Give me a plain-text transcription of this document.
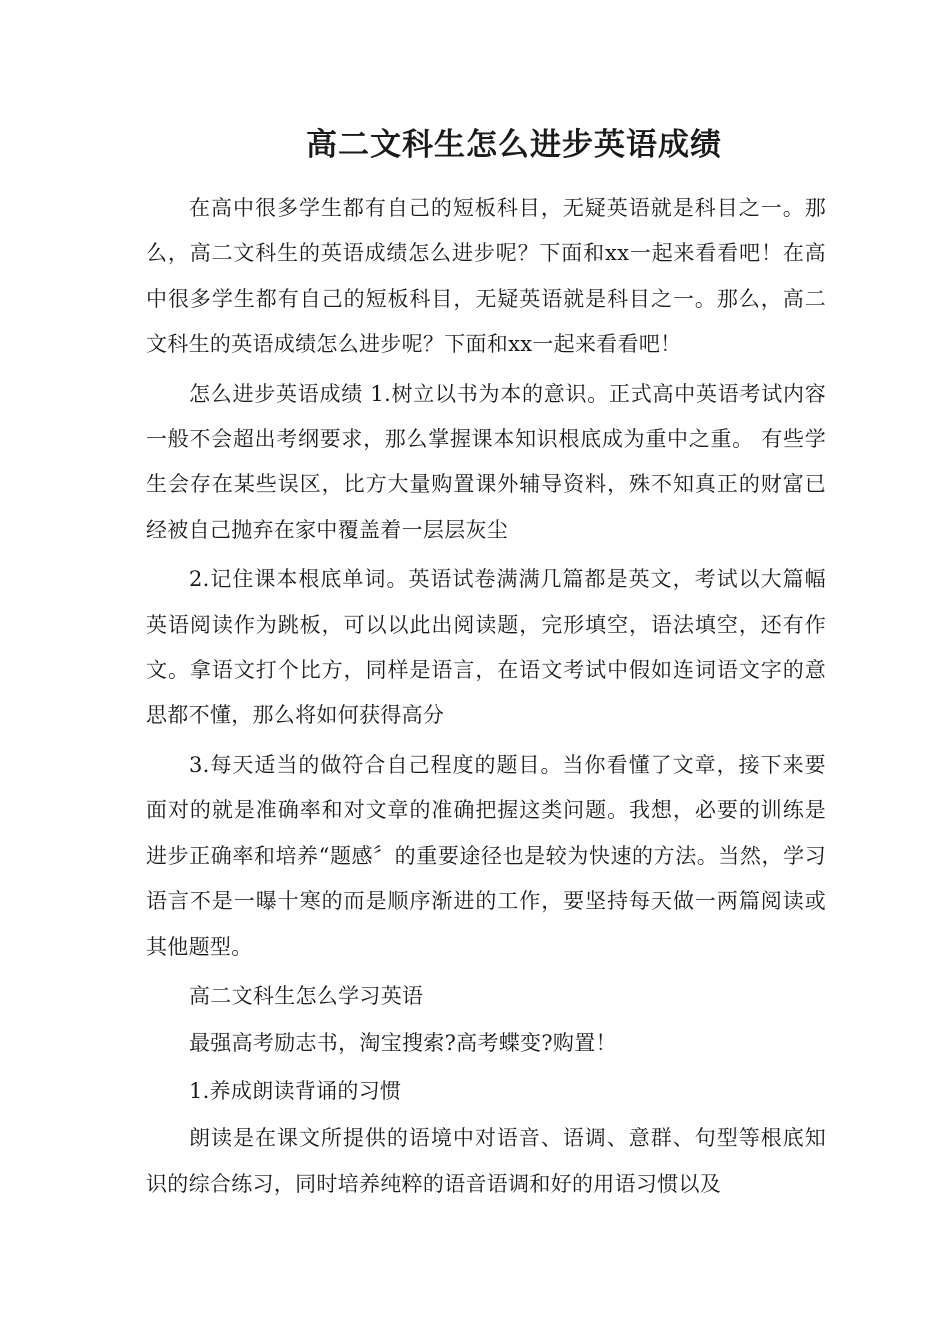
高二文科生怎么进步英语成绩

在高中很多学生都有自己的短板科目，无疑英语就是科目之一。那么，高二文科生的英语成绩怎么进步呢？下面和xx一起来看看吧！在高中很多学生都有自己的短板科目，无疑英语就是科目之一。那么，高二文科生的英语成绩怎么进步呢？下面和xx一起来看看吧！

怎么进步英语成绩 1.树立以书为本的意识。正式高中英语考试内容一般不会超出考纲要求，那么掌握课本知识根底成为重中之重。 有些学生会存在某些误区，比方大量购置课外辅导资料，殊不知真正的财富已经被自己抛弃在家中覆盖着一层层灰尘

2.记住课本根底单词。英语试卷满满几篇都是英文，考试以大篇幅英语阅读作为跳板，可以以此出阅读题，完形填空，语法填空，还有作文。拿语文打个比方，同样是语言，在语文考试中假如连词语文字的意思都不懂，那么将如何获得高分

3.每天适当的做符合自己程度的题目。当你看懂了文章，接下来要面对的就是准确率和对文章的准确把握这类问题。我想，必要的训练是进步正确率和培养“题感〞的重要途径也是较为快速的方法。当然，学习语言不是一曝十寒的而是顺序渐进的工作，要坚持每天做一两篇阅读或其他题型。

高二文科生怎么学习英语

最强高考励志书，淘宝搜索?高考蝶变?购置！

1.养成朗读背诵的习惯

朗读是在课文所提供的语境中对语音、语调、意群、句型等根底知识的综合练习，同时培养纯粹的语音语调和好的用语习惯以及
